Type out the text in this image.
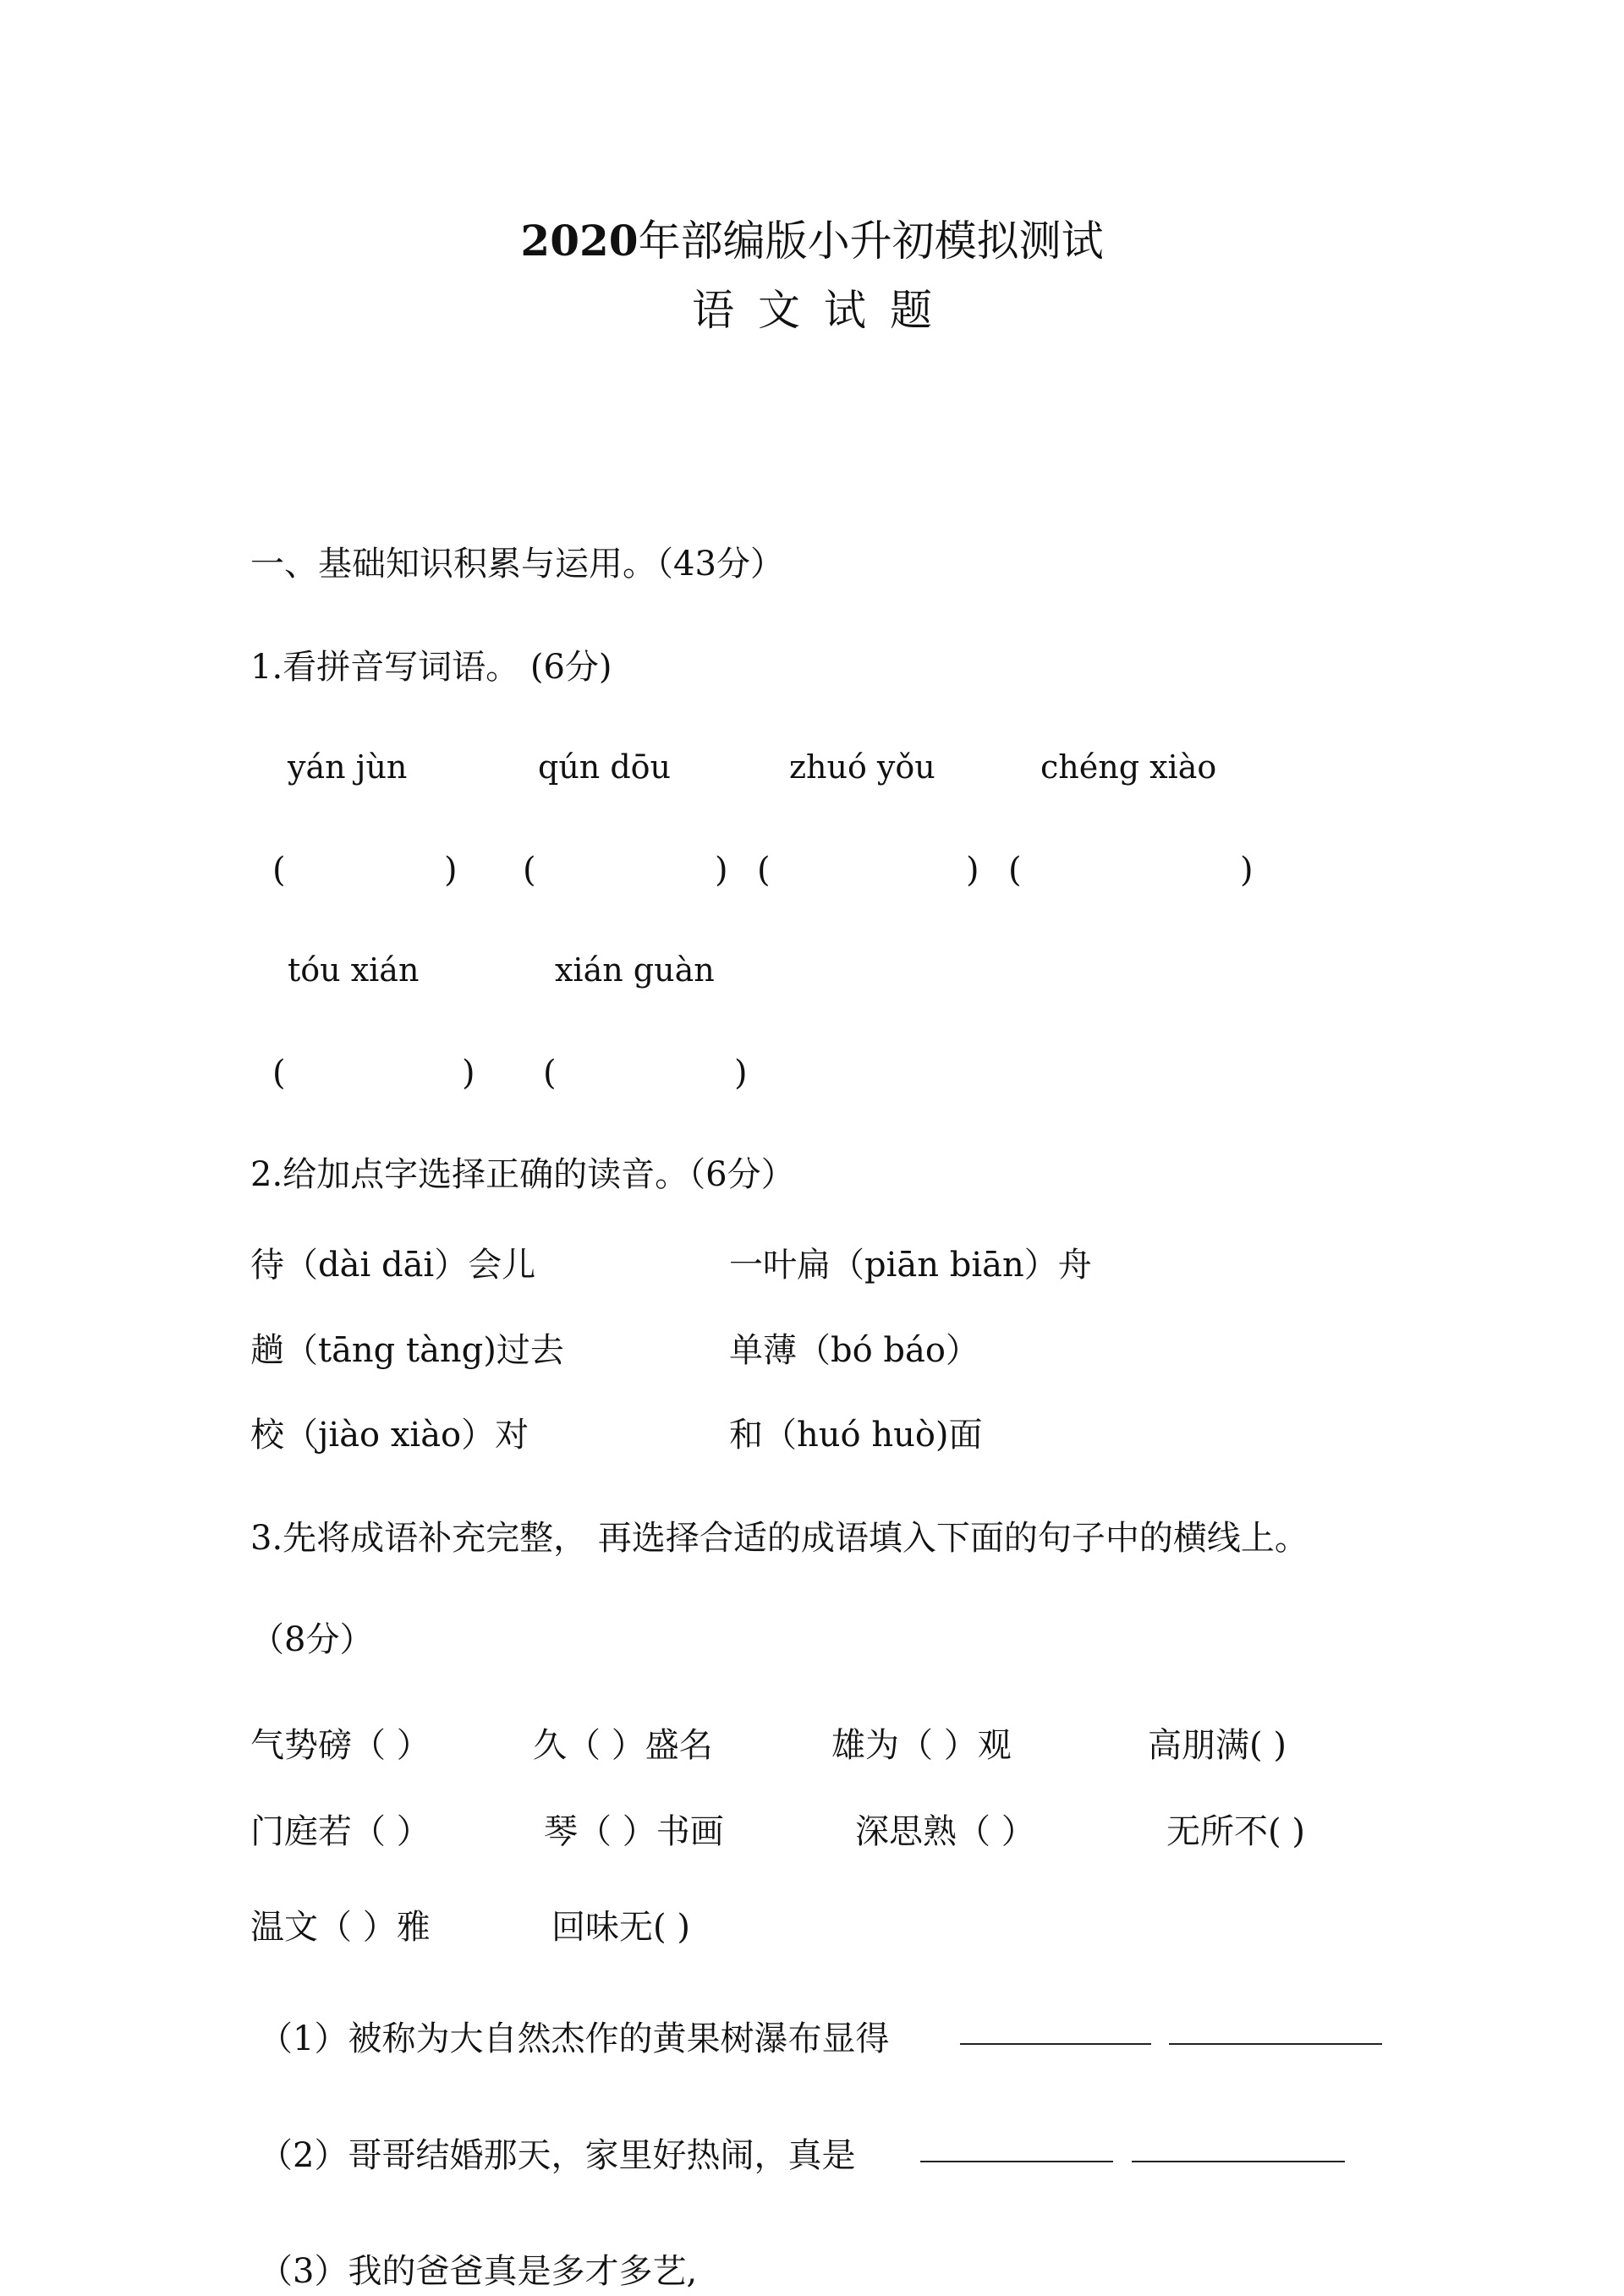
2020年部编版小升初模拟测试
语文试题
一、基础知识积累与运用。（43分）
1.看拼音写词语。 (6分)
yán jùn	qún dōu	zhuó yǒu	chéng xiào
(	) (	) (	) (	)
tóu xián	xián guàn
(	) (	)
2.给加点字选择正确的读音。（6分）
待（dài dāi）会儿	一叶扁（piān biān）舟
趟（tāng tàng)过去	单薄（bó báo）
校（jiào xiào）对	和（huó huò)面
3.先将成语补充完整， 再选择合适的成语填入下面的句子中的横线上。
（8分）
气势磅（ ）	久（ ）盛名	雄为（ ）观	高朋满( )
门庭若（ ）	琴（ ）书画	深思熟（ ）	无所不( )
温文（ ）雅	回味无( )
（1）被称为大自然杰作的黄果树瀑布显得
（2）哥哥结婚那天，家里好热闹，真是
（3）我的爸爸真是多才多艺,
